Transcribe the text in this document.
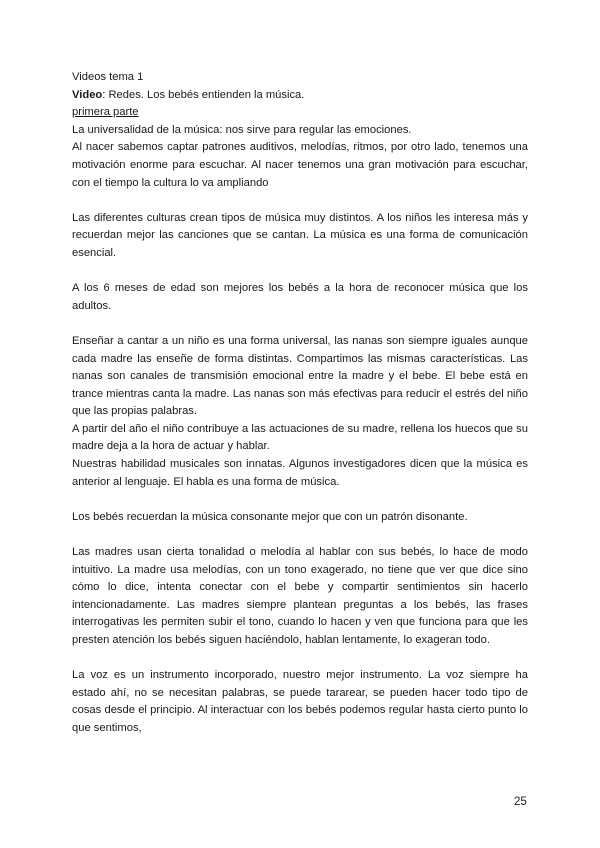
Videos tema 1
Video: Redes. Los bebés entienden la música.
primera parte

La universalidad de la música: nos sirve para regular las emociones.

Al nacer sabemos captar patrones auditivos, melodías, ritmos, por otro lado, tenemos una motivación enorme para escuchar. Al nacer tenemos una gran motivación para escuchar, con el tiempo la cultura lo va ampliando

Las diferentes culturas crean tipos de música muy distintos. A los niños les interesa más y recuerdan mejor las canciones que se cantan. La música es una forma de comunicación esencial.

A los 6 meses de edad son mejores los bebés a la hora de reconocer música que los adultos.

Enseñar a cantar a un niño es una forma universal, las nanas son siempre iguales aunque cada madre las enseñe de forma distintas. Compartimos las mismas características. Las nanas son canales de transmisión emocional entre la madre y el bebe. El bebe está en trance mientras canta la madre. Las nanas son más efectivas para reducir el estrés del niño que las propias palabras.

A partir del año el niño contribuye a las actuaciones de su madre, rellena los huecos que su madre deja a la hora de actuar y hablar.

Nuestras habilidad musicales son innatas. Algunos investigadores dicen que la música es anterior al lenguaje. El habla es una forma de música.

Los bebés recuerdan la música consonante mejor que con un patrón disonante.

Las madres usan cierta tonalidad o melodía al hablar con sus bebés, lo hace de modo intuitivo. La madre usa melodías, con un tono exagerado, no tiene que ver que dice sino cómo lo dice, intenta conectar con el bebe y compartir sentimientos sin hacerlo intencionadamente. Las madres siempre plantean preguntas a los bebés, las frases interrogativas les permiten subir el tono, cuando lo hacen y ven que funciona para que les presten atención los bebés siguen haciéndolo, hablan lentamente, lo exageran todo.

La voz es un instrumento incorporado, nuestro mejor instrumento. La voz siempre ha estado ahí, no se necesitan palabras, se puede tararear, se pueden hacer todo tipo de cosas desde el principio. Al interactuar con los bebés podemos regular hasta cierto punto lo que sentimos,

25
